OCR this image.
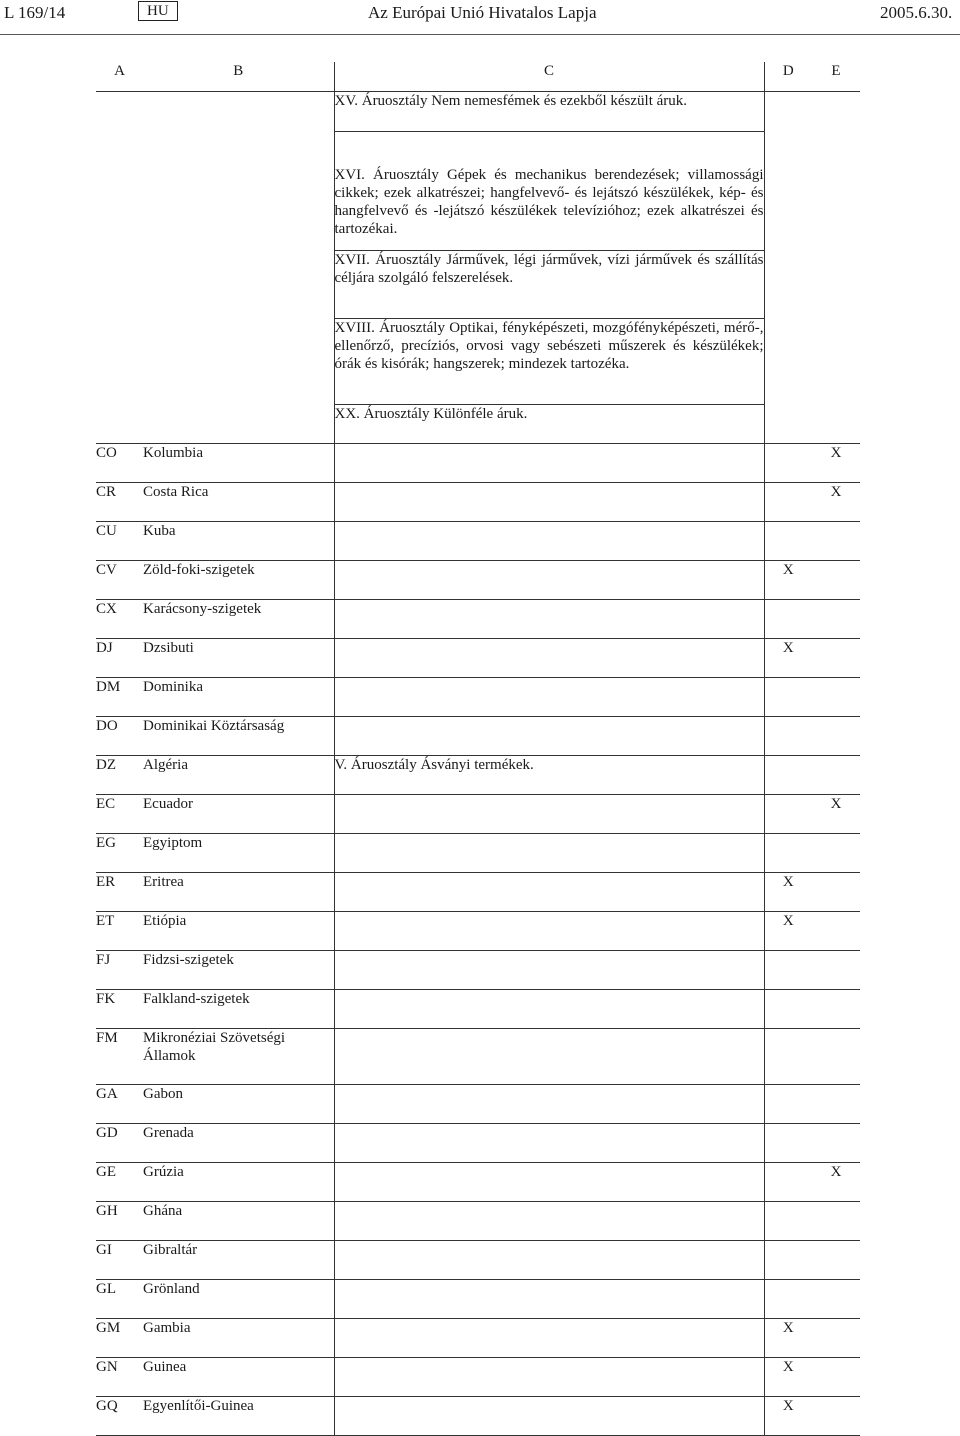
L 169/14	HU	Az Európai Unió Hivatalos Lapja	2005.6.30.
A	B	C	D	E
		XV. Áruosztály Nem nemesfémek és ezekből készült áruk.		
		XVI. Áruosztály Gépek és mechanikus berendezések; villamossági cikkek; ezek alkatrészei; hangfelvevő- és lejátszó készülékek, kép- és hangfelvevő és -lejátszó készülékek televízióhoz; ezek alkatrészei és tartozékai.		
		XVII. Áruosztály Járművek, légi járművek, vízi járművek és szállítás céljára szolgáló felszerelések.		
		XVIII. Áruosztály Optikai, fényképészeti, mozgófényképészeti, mérő-, ellenőrző, precíziós, orvosi vagy sebészeti műszerek és készülékek; órák és kisórák; hangszerek; mindezek tartozéka.		
		XX. Áruosztály Különféle áruk.		
CO	Kolumbia			X
CR	Costa Rica			X
CU	Kuba			
CV	Zöld-foki-szigetek		X	
CX	Karácsony-szigetek			
DJ	Dzsibuti		X	
DM	Dominika			
DO	Dominikai Köztársaság			
DZ	Algéria	V. Áruosztály Ásványi termékek.		
EC	Ecuador			X
EG	Egyiptom			
ER	Eritrea		X	
ET	Etiópia		X	
FJ	Fidzsi-szigetek			
FK	Falkland-szigetek			
FM	Mikronéziai Szövetségi Államok			
GA	Gabon			
GD	Grenada			
GE	Grúzia			X
GH	Ghána			
GI	Gibraltár			
GL	Grönland			
GM	Gambia		X	
GN	Guinea		X	
GQ	Egyenlítői-Guinea		X	
